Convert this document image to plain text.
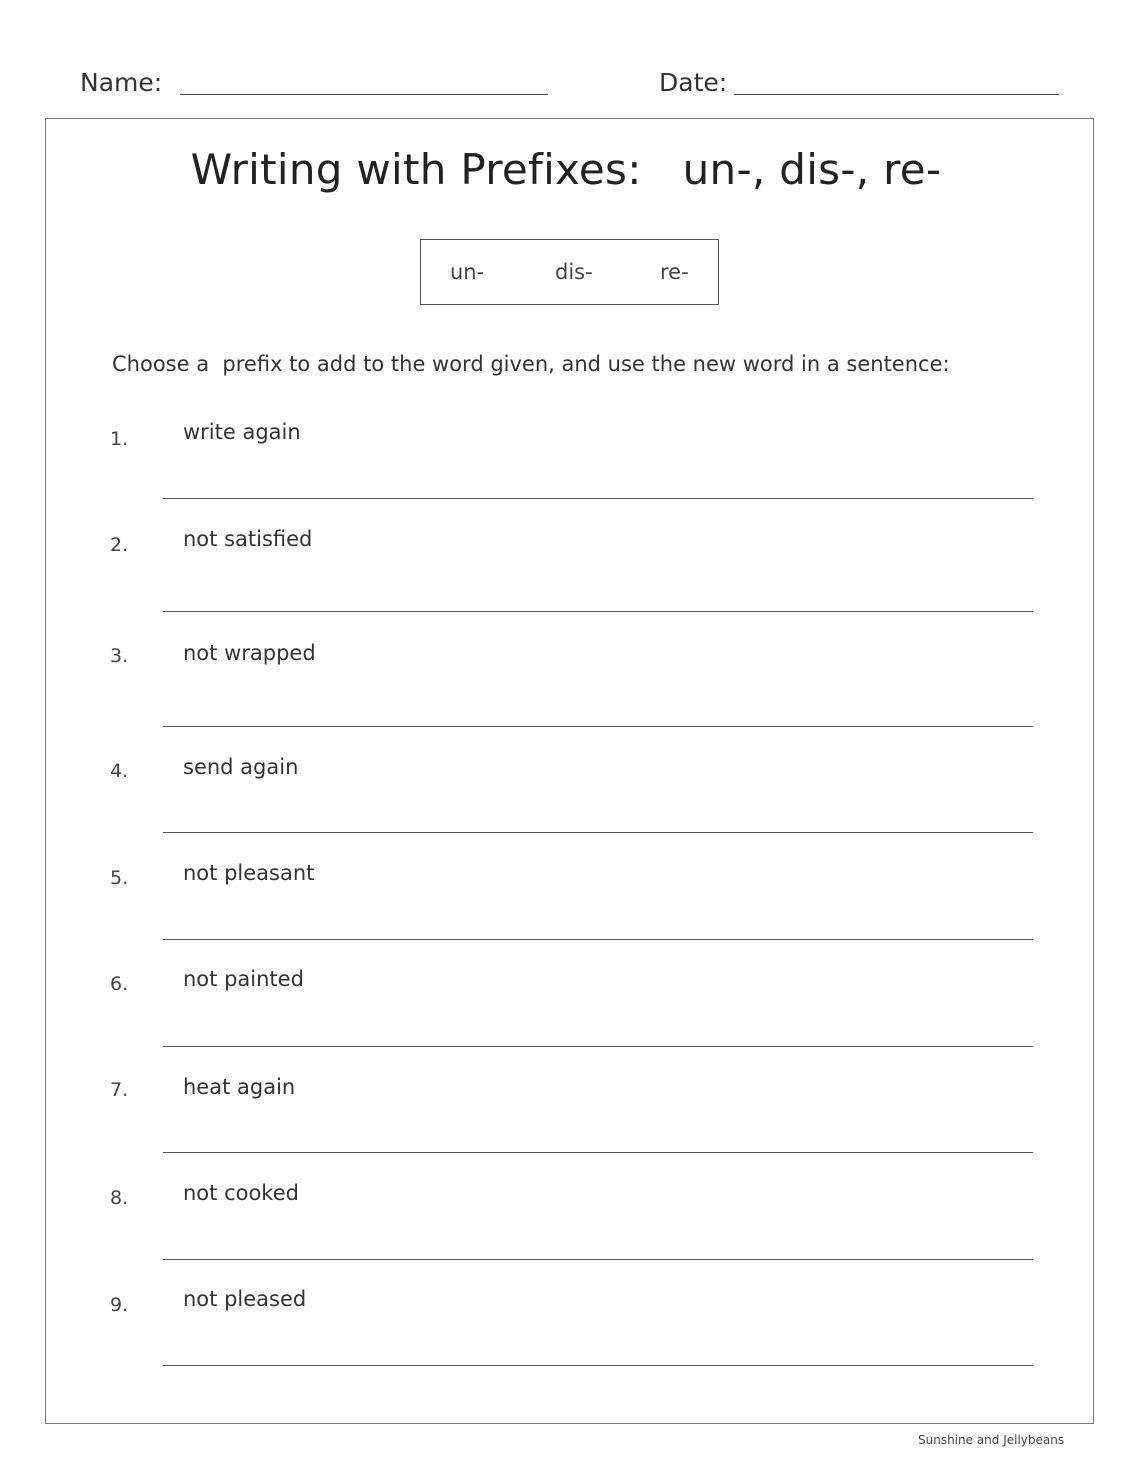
Name:	Date:
Writing with Prefixes:   un-, dis-, re-
un-	dis-	re-
Choose a  prefix to add to the word given, and use the new word in a sentence:
1.	write again
2.	not satisfied
3.	not wrapped
4.	send again
5.	not pleasant
6.	not painted
7.	heat again
8.	not cooked
9.	not pleased
Sunshine and Jellybeans
